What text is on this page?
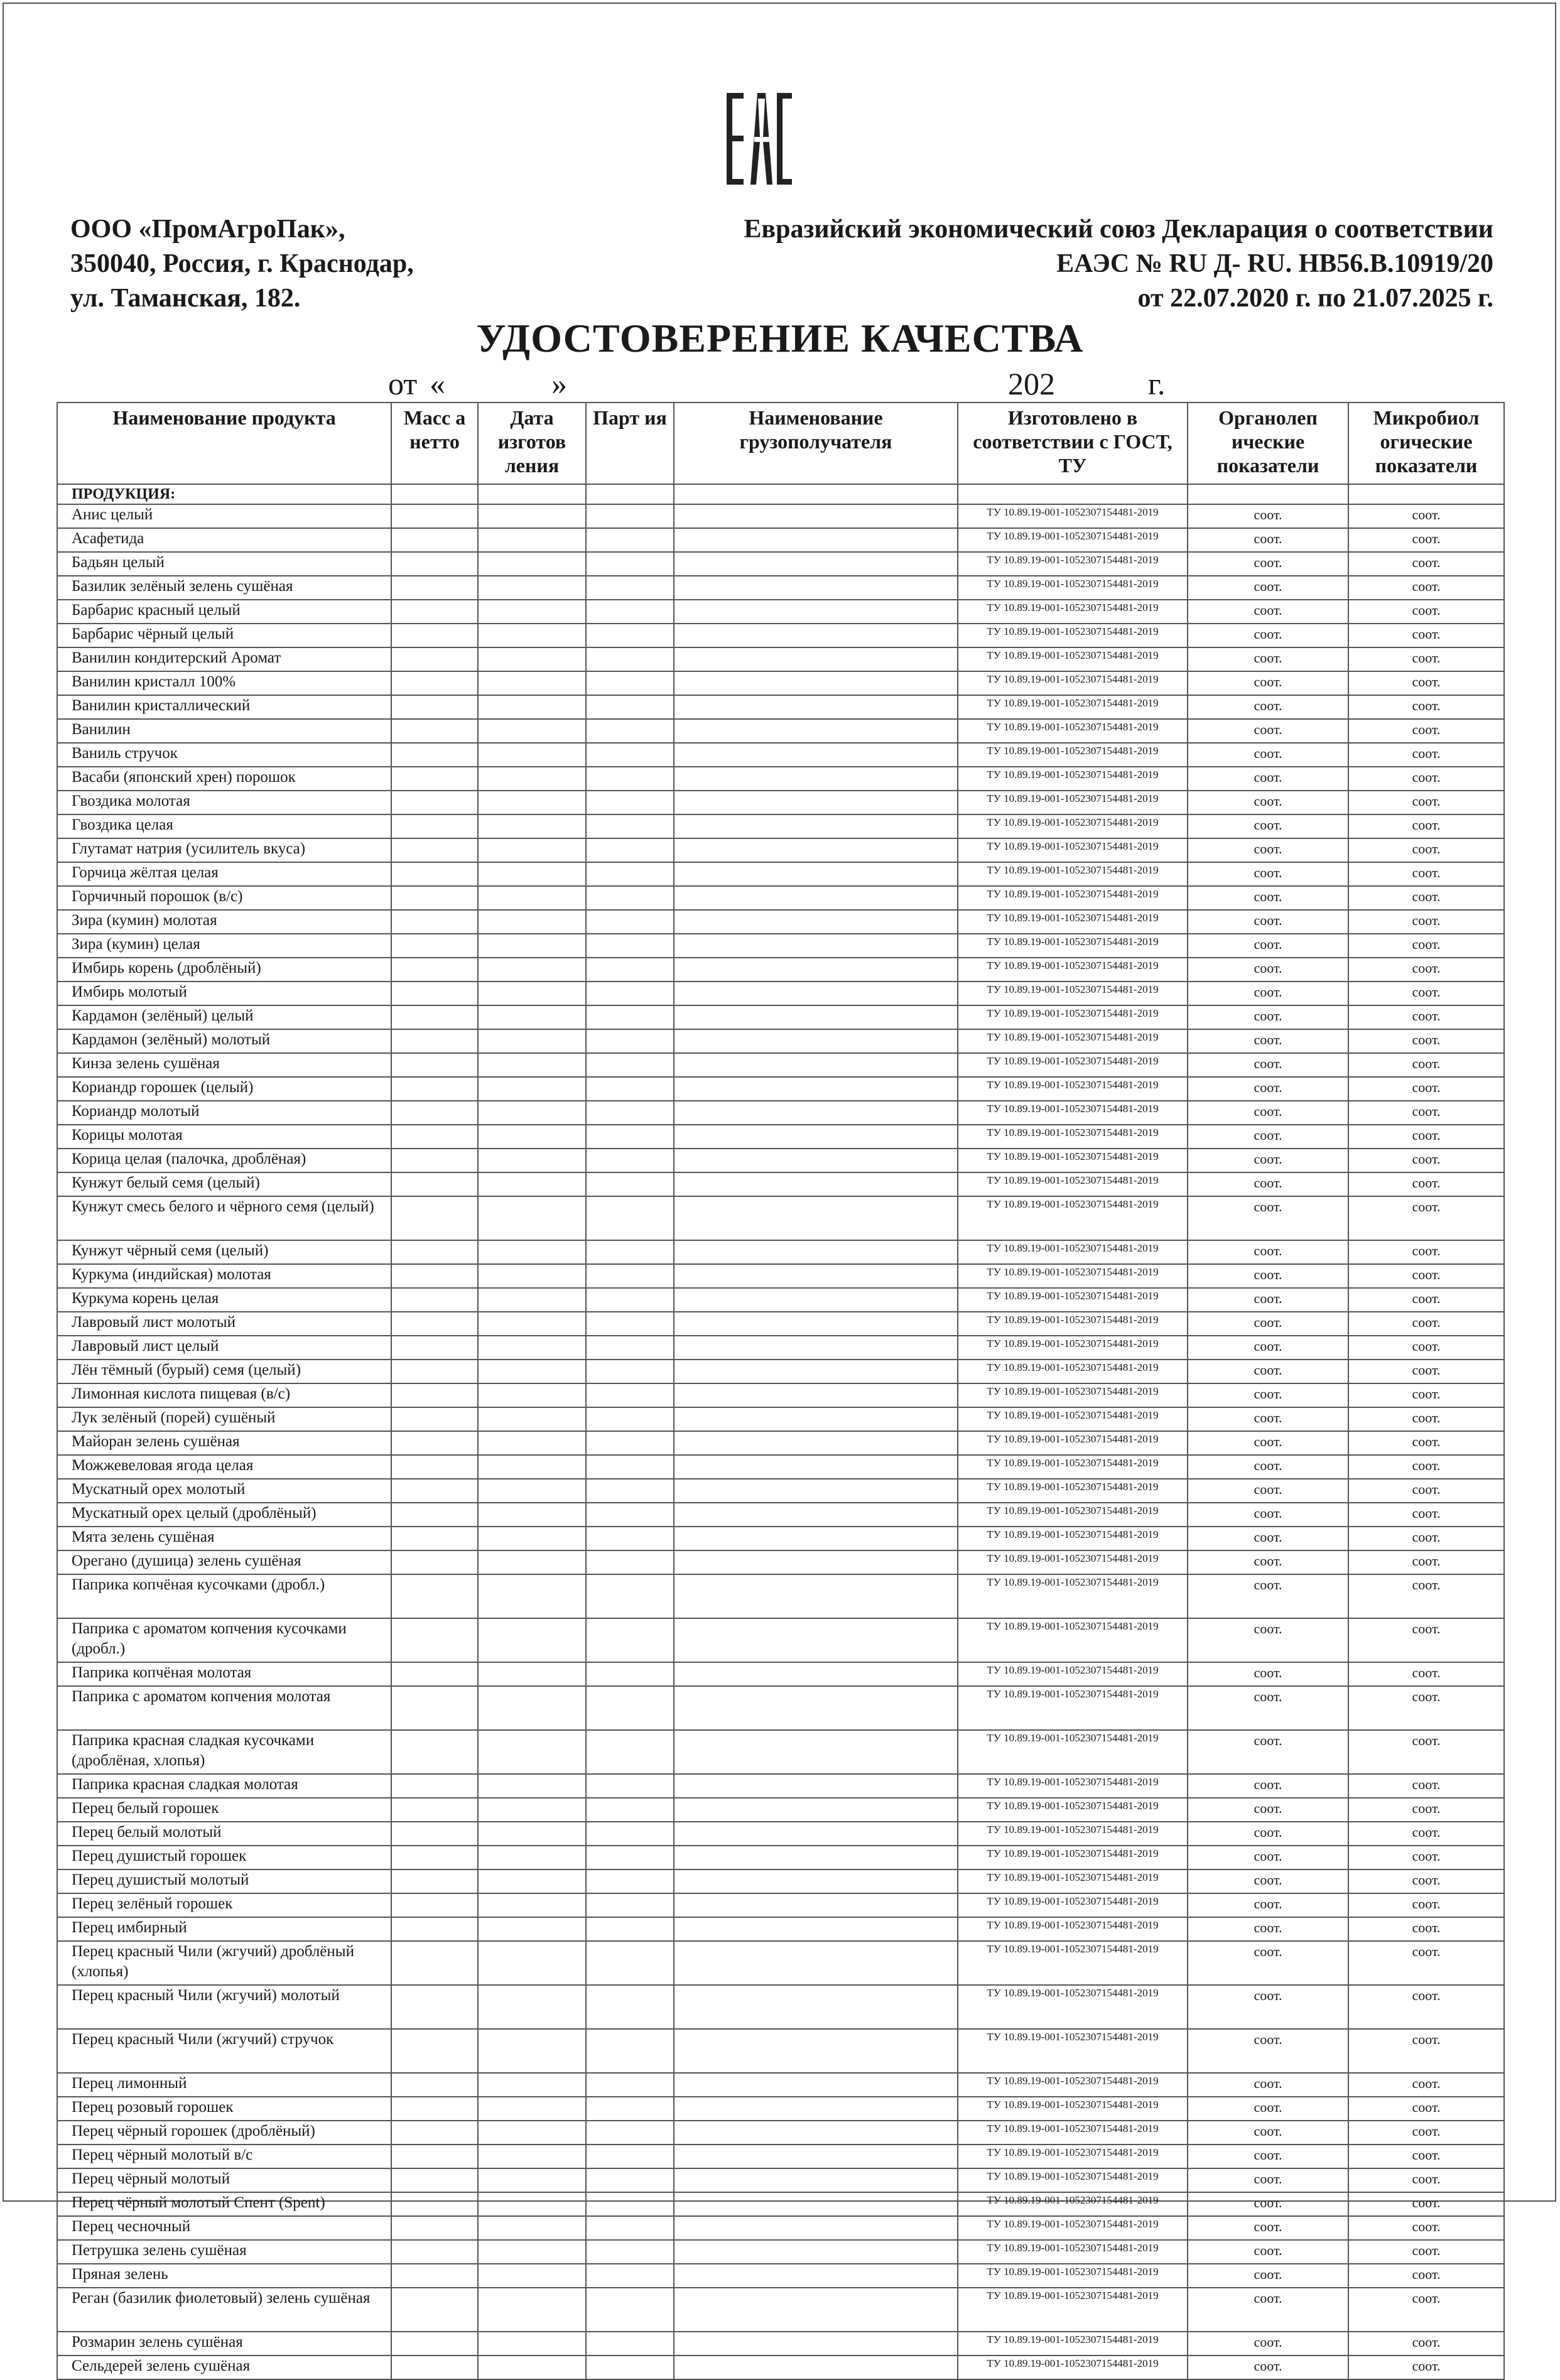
ООО «ПромАгроПак»,
350040, Россия, г. Краснодар,
ул. Таманская, 182.
Евразийский экономический союз Декларация о соответствии
ЕАЭС № RU Д- RU. НВ56.В.10919/20
от 22.07.2020 г. по 21.07.2025 г.
УДОСТОВЕРЕНИЕ КАЧЕСТВА
от «	»	202	г.
Наименование продукта	Масс а нетто	Дата изготов ления	Парт ия	Наименование грузополучателя	Изготовлено в соответствии с ГОСТ, ТУ	Органолеп ические показатели	Микробиол огические показатели
ПРОДУКЦИЯ:							
Анис целый					ТУ 10.89.19-001-1052307154481-2019	соот.	соот.
Асафетида					ТУ 10.89.19-001-1052307154481-2019	соот.	соот.
Бадьян целый					ТУ 10.89.19-001-1052307154481-2019	соот.	соот.
Базилик зелёный зелень сушёная					ТУ 10.89.19-001-1052307154481-2019	соот.	соот.
Барбарис красный целый					ТУ 10.89.19-001-1052307154481-2019	соот.	соот.
Барбарис чёрный целый					ТУ 10.89.19-001-1052307154481-2019	соот.	соот.
Ванилин кондитерский Аромат					ТУ 10.89.19-001-1052307154481-2019	соот.	соот.
Ванилин кристалл 100%					ТУ 10.89.19-001-1052307154481-2019	соот.	соот.
Ванилин кристаллический					ТУ 10.89.19-001-1052307154481-2019	соот.	соот.
Ванилин					ТУ 10.89.19-001-1052307154481-2019	соот.	соот.
Ваниль стручок					ТУ 10.89.19-001-1052307154481-2019	соот.	соот.
Васаби (японский хрен) порошок					ТУ 10.89.19-001-1052307154481-2019	соот.	соот.
Гвоздика молотая					ТУ 10.89.19-001-1052307154481-2019	соот.	соот.
Гвоздика целая					ТУ 10.89.19-001-1052307154481-2019	соот.	соот.
Глутамат натрия (усилитель вкуса)					ТУ 10.89.19-001-1052307154481-2019	соот.	соот.
Горчица жёлтая целая					ТУ 10.89.19-001-1052307154481-2019	соот.	соот.
Горчичный порошок (в/с)					ТУ 10.89.19-001-1052307154481-2019	соот.	соот.
Зира (кумин) молотая					ТУ 10.89.19-001-1052307154481-2019	соот.	соот.
Зира (кумин) целая					ТУ 10.89.19-001-1052307154481-2019	соот.	соот.
Имбирь корень (дроблёный)					ТУ 10.89.19-001-1052307154481-2019	соот.	соот.
Имбирь молотый					ТУ 10.89.19-001-1052307154481-2019	соот.	соот.
Кардамон (зелёный) целый					ТУ 10.89.19-001-1052307154481-2019	соот.	соот.
Кардамон (зелёный) молотый					ТУ 10.89.19-001-1052307154481-2019	соот.	соот.
Кинза зелень сушёная					ТУ 10.89.19-001-1052307154481-2019	соот.	соот.
Кориандр горошек (целый)					ТУ 10.89.19-001-1052307154481-2019	соот.	соот.
Кориандр молотый					ТУ 10.89.19-001-1052307154481-2019	соот.	соот.
Корицы молотая					ТУ 10.89.19-001-1052307154481-2019	соот.	соот.
Корица целая (палочка, дроблёная)					ТУ 10.89.19-001-1052307154481-2019	соот.	соот.
Кунжут белый семя (целый)					ТУ 10.89.19-001-1052307154481-2019	соот.	соот.
Кунжут смесь белого и чёрного семя (целый)					ТУ 10.89.19-001-1052307154481-2019	соот.	соот.
Кунжут чёрный семя (целый)					ТУ 10.89.19-001-1052307154481-2019	соот.	соот.
Куркума (индийская) молотая					ТУ 10.89.19-001-1052307154481-2019	соот.	соот.
Куркума корень целая					ТУ 10.89.19-001-1052307154481-2019	соот.	соот.
Лавровый лист молотый					ТУ 10.89.19-001-1052307154481-2019	соот.	соот.
Лавровый лист целый					ТУ 10.89.19-001-1052307154481-2019	соот.	соот.
Лён тёмный (бурый) семя (целый)					ТУ 10.89.19-001-1052307154481-2019	соот.	соот.
Лимонная кислота пищевая (в/с)					ТУ 10.89.19-001-1052307154481-2019	соот.	соот.
Лук зелёный (порей) сушёный					ТУ 10.89.19-001-1052307154481-2019	соот.	соот.
Майоран зелень сушёная					ТУ 10.89.19-001-1052307154481-2019	соот.	соот.
Можжевеловая ягода целая					ТУ 10.89.19-001-1052307154481-2019	соот.	соот.
Мускатный орех молотый					ТУ 10.89.19-001-1052307154481-2019	соот.	соот.
Мускатный орех целый (дроблёный)					ТУ 10.89.19-001-1052307154481-2019	соот.	соот.
Мята зелень сушёная					ТУ 10.89.19-001-1052307154481-2019	соот.	соот.
Орегано (душица) зелень сушёная					ТУ 10.89.19-001-1052307154481-2019	соот.	соот.
Паприка копчёная кусочками (дробл.)					ТУ 10.89.19-001-1052307154481-2019	соот.	соот.
Паприка с ароматом копчения кусочками (дробл.)					ТУ 10.89.19-001-1052307154481-2019	соот.	соот.
Паприка копчёная молотая					ТУ 10.89.19-001-1052307154481-2019	соот.	соот.
Паприка с ароматом копчения молотая					ТУ 10.89.19-001-1052307154481-2019	соот.	соот.
Паприка красная сладкая кусочками (дроблёная, хлопья)					ТУ 10.89.19-001-1052307154481-2019	соот.	соот.
Паприка красная сладкая молотая					ТУ 10.89.19-001-1052307154481-2019	соот.	соот.
Перец белый горошек					ТУ 10.89.19-001-1052307154481-2019	соот.	соот.
Перец белый молотый					ТУ 10.89.19-001-1052307154481-2019	соот.	соот.
Перец душистый горошек					ТУ 10.89.19-001-1052307154481-2019	соот.	соот.
Перец душистый молотый					ТУ 10.89.19-001-1052307154481-2019	соот.	соот.
Перец зелёный горошек					ТУ 10.89.19-001-1052307154481-2019	соот.	соот.
Перец имбирный					ТУ 10.89.19-001-1052307154481-2019	соот.	соот.
Перец красный Чили (жгучий) дроблёный (хлопья)					ТУ 10.89.19-001-1052307154481-2019	соот.	соот.
Перец красный Чили (жгучий) молотый					ТУ 10.89.19-001-1052307154481-2019	соот.	соот.
Перец красный Чили (жгучий) стручок					ТУ 10.89.19-001-1052307154481-2019	соот.	соот.
Перец лимонный					ТУ 10.89.19-001-1052307154481-2019	соот.	соот.
Перец розовый горошек					ТУ 10.89.19-001-1052307154481-2019	соот.	соот.
Перец чёрный горошек (дроблёный)					ТУ 10.89.19-001-1052307154481-2019	соот.	соот.
Перец чёрный молотый в/с					ТУ 10.89.19-001-1052307154481-2019	соот.	соот.
Перец чёрный молотый					ТУ 10.89.19-001-1052307154481-2019	соот.	соот.
Перец чёрный молотый Спент (Spent)					ТУ 10.89.19-001-1052307154481-2019	соот.	соот.
Перец чесночный					ТУ 10.89.19-001-1052307154481-2019	соот.	соот.
Петрушка зелень сушёная					ТУ 10.89.19-001-1052307154481-2019	соот.	соот.
Пряная зелень					ТУ 10.89.19-001-1052307154481-2019	соот.	соот.
Реган (базилик фиолетовый) зелень сушёная					ТУ 10.89.19-001-1052307154481-2019	соот.	соот.
Розмарин зелень сушёная					ТУ 10.89.19-001-1052307154481-2019	соот.	соот.
Сельдерей зелень сушёная					ТУ 10.89.19-001-1052307154481-2019	соот.	соот.
